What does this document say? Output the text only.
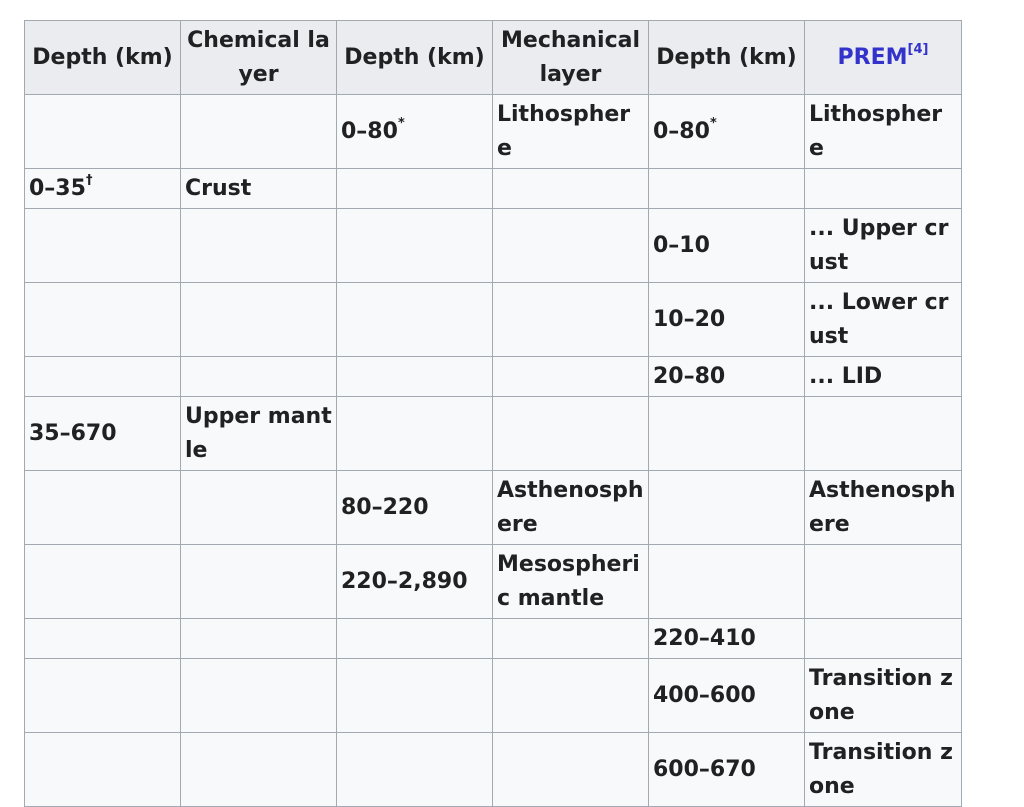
Depth (km)	Chemical layer	Depth (km)	Mechanical layer	Depth (km)	PREM[4]
		0–80*	Lithosphere	0–80*	Lithosphere
0–35†	Crust				
				0–10	... Upper crust
				10–20	... Lower crust
				20–80	... LID
35–670	Upper mantle				
		80–220	Asthenosphere		Asthenosphere
		220–2,890	Mesospheric mantle		
				220–410	
				400–600	Transition zone
				600–670	Transition zone
